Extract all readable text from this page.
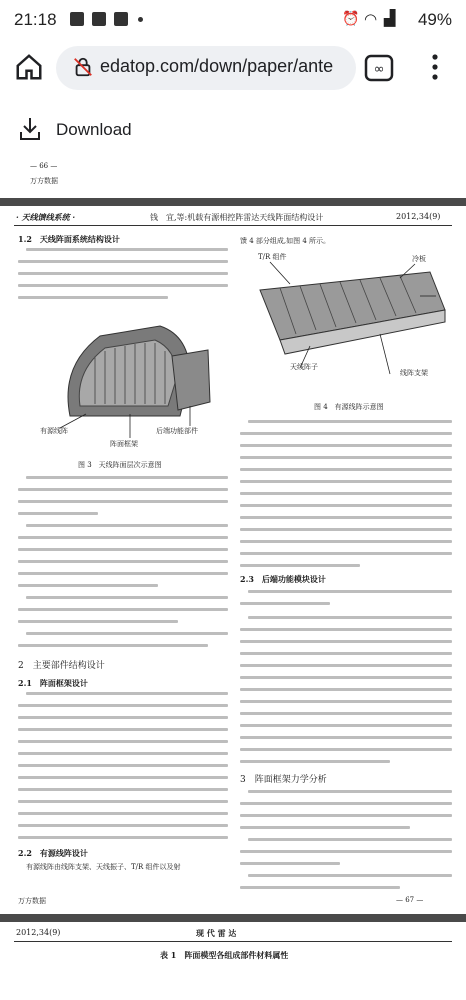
21:18	⏰ ◠ ▟ 49%
edatop.com/down/paper/ante	∞
Download
— 66 —
万方数据
· 天线馈线系统 ·	钱　宜,等:机载有源相控阵雷达天线阵面结构设计	2012,34(9)
1.2　天线阵面系统结构设计
有源线阵	后端功能部件
阵面框架
图 3　天线阵面层次示意图
2　主要部件结构设计
2.1　阵面框架设计
2.2　有源线阵设计
有源线阵由线阵支架、天线振子、T/R 组件以及射
万方数据
馈 4 部分组成,如图 4 所示。
T/R 组件
天线阵子
冷板
线阵支架
图 4　有源线阵示意图
2.3　后端功能模块设计
3　阵面框架力学分析
— 67 —
2012,34(9)	现 代 雷 达
表 1　阵面模型各组成部件材料属性
